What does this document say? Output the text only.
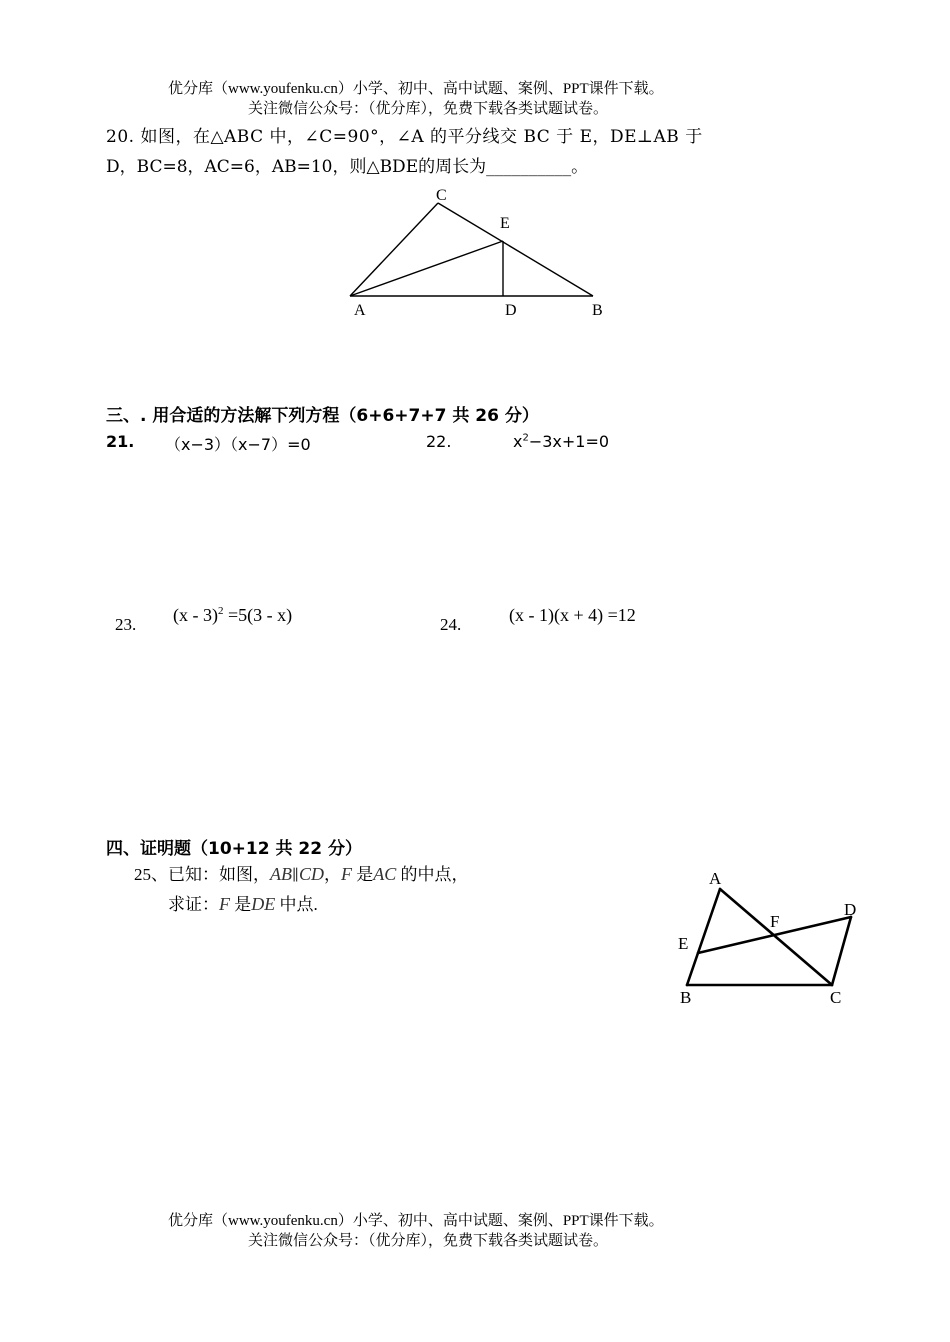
优分库（www.youfenku.cn）小学、初中、高中试题、案例、PPT课件下载。
关注微信公众号：（优分库），免费下载各类试题试卷。
20. 如图，在△ABC 中，∠C=90°，∠A 的平分线交 BC 于 E，DE⊥AB 于
D，BC=8，AC=6，AB=10，则△BDE的周长为__________。
C
E
A	D	B
三、. 用合适的方法解下列方程（6+6+7+7 共 26 分）
21. （x−3）（x−7）=0	22.	$x^2-3x+1=0$
23. (x - 3)$^2$ =5(3 - x)	24.	(x - 1)(x + 4) =12
四、证明题（10+12 共 22 分）
25、已知：如图，AB∥CD，F 是AC 的中点，
求证：F 是DE 中点.
A
D
F
E
B	C
优分库（www.youfenku.cn）小学、初中、高中试题、案例、PPT课件下载。
关注微信公众号：（优分库），免费下载各类试题试卷。
